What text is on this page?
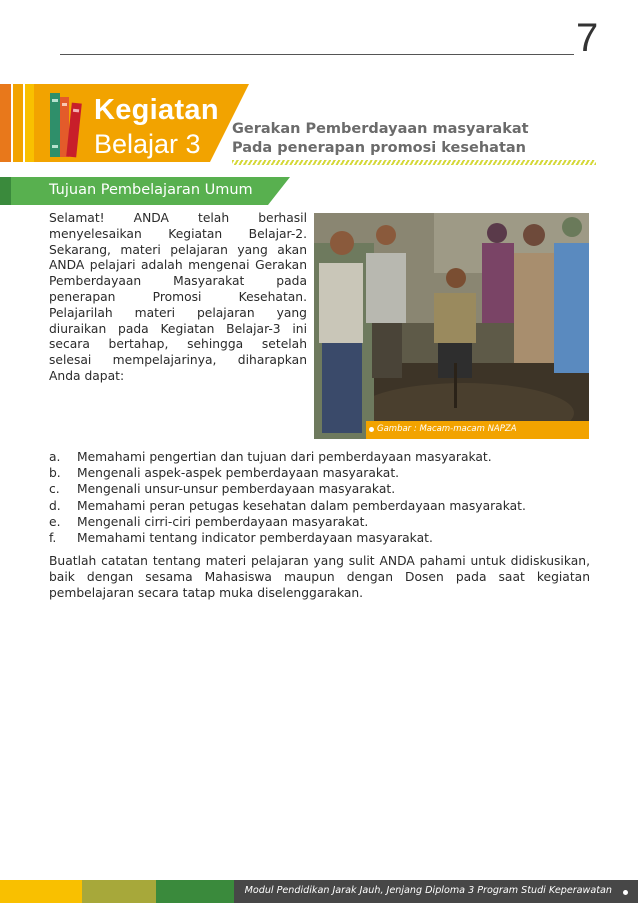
7
Kegiatan
Belajar 3 Gerakan Pemberdayaan masyarakat
Pada penerapan promosi kesehatan
Tujuan Pembelajaran Umum
Selamat! ANDA telah berhasil menyelesaikan Kegiatan Belajar-2. Sekarang, materi pelajaran yang akan ANDA pelajari adalah mengenai Gerakan Pemberdayaan Masyarakat pada penerapan Promosi Kesehatan. Pelajarilah materi pelajaran yang diuraikan pada Kegiatan Belajar-3 ini secara bertahap, sehingga setelah selesai mempelajarinya, diharapkan Anda dapat:
Gambar : Macam-macam NAPZA
a.	Memahami pengertian dan tujuan dari pemberdayaan masyarakat.
b.	Mengenali aspek-aspek pemberdayaan masyarakat.
c.	Mengenali unsur-unsur pemberdayaan masyarakat.
d.	Memahami peran petugas kesehatan dalam pemberdayaan masyarakat.
e.	Mengenali cirri-ciri pemberdayaan masyarakat.
f.	Memahami tentang indicator pemberdayaan masyarakat.
Buatlah catatan tentang materi pelajaran yang sulit ANDA pahami untuk didiskusikan, baik dengan sesama Mahasiswa maupun dengan Dosen pada saat kegiatan pembelajaran secara tatap muka diselenggarakan.
Modul Pendidikan Jarak Jauh, Jenjang Diploma 3 Program Studi Keperawatan
